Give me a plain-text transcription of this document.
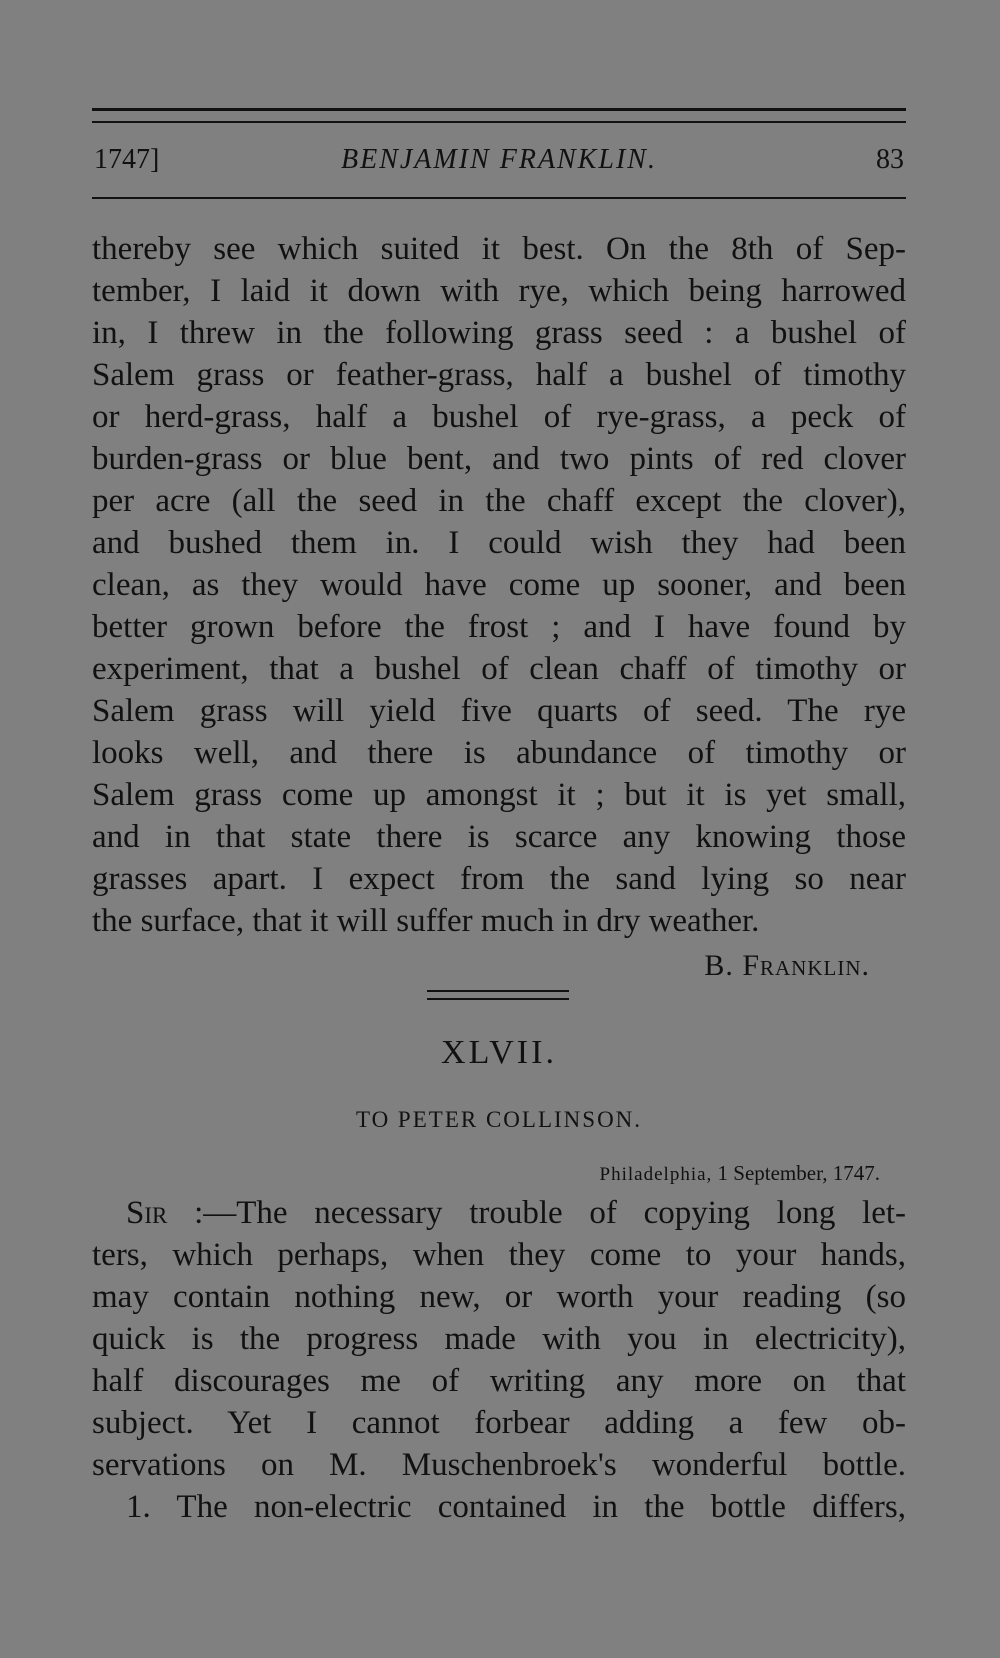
1747]	BENJAMIN FRANKLIN.	83
thereby see which suited it best. On the 8th of Sep-
tember, I laid it down with rye, which being harrowed
in, I threw in the following grass seed : a bushel of
Salem grass or feather-grass, half a bushel of timothy
or herd-grass, half a bushel of rye-grass, a peck of
burden-grass or blue bent, and two pints of red clover
per acre (all the seed in the chaff except the clover),
and bushed them in. I could wish they had been
clean, as they would have come up sooner, and been
better grown before the frost ; and I have found by
experiment, that a bushel of clean chaff of timothy or
Salem grass will yield five quarts of seed. The rye
looks well, and there is abundance of timothy or
Salem grass come up amongst it ; but it is yet small,
and in that state there is scarce any knowing those
grasses apart. I expect from the sand lying so near
the surface, that it will suffer much in dry weather.
B. Franklin.
XLVII.
TO PETER COLLINSON.
Philadelphia, 1 September, 1747.
Sir :—The necessary trouble of copying long let-
ters, which perhaps, when they come to your hands,
may contain nothing new, or worth your reading (so
quick is the progress made with you in electricity),
half discourages me of writing any more on that
subject. Yet I cannot forbear adding a few ob-
servations on M. Muschenbroek's wonderful bottle.
1. The non-electric contained in the bottle differs,
